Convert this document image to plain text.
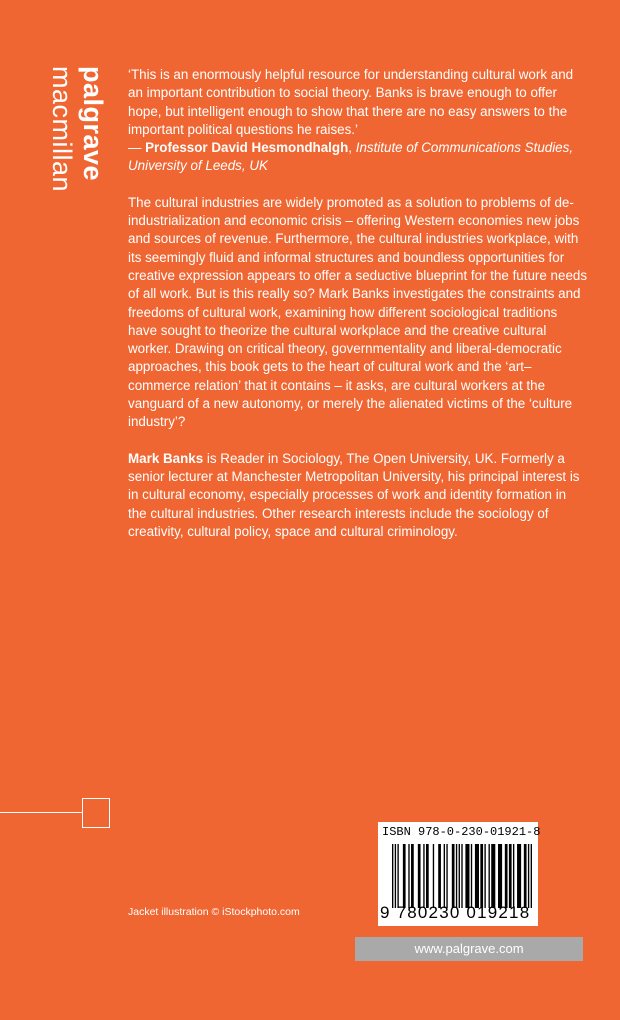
palgrave
macmillan	‘This is an enormously helpful resource for understanding cultural work and an important contribution to social theory. Banks is brave enough to offer hope, but intelligent enough to show that there are no easy answers to the important political questions he raises.’
— Professor David Hesmondhalgh, Institute of Communications Studies, University of Leeds, UK

The cultural industries are widely promoted as a solution to problems of de-industrialization and economic crisis – offering Western economies new jobs and sources of revenue. Furthermore, the cultural industries workplace, with its seemingly fluid and informal structures and boundless opportunities for creative expression appears to offer a seductive blueprint for the future needs of all work. But is this really so? Mark Banks investigates the constraints and freedoms of cultural work, examining how different sociological traditions have sought to theorize the cultural workplace and the creative cultural worker. Drawing on critical theory, governmentality and liberal-democratic approaches, this book gets to the heart of cultural work and the ‘art–commerce relation’ that it contains – it asks, are cultural workers at the vanguard of a new autonomy, or merely the alienated victims of the ‘culture industry’?

Mark Banks is Reader in Sociology, The Open University, UK. Formerly a senior lecturer at Manchester Metropolitan University, his principal interest is in cultural economy, especially processes of work and identity formation in the cultural industries. Other research interests include the sociology of creativity, cultural policy, space and cultural criminology.

ISBN 978-0-230-01921-8
9 780230 019218
Jacket illustration © iStockphoto.com
www.palgrave.com
